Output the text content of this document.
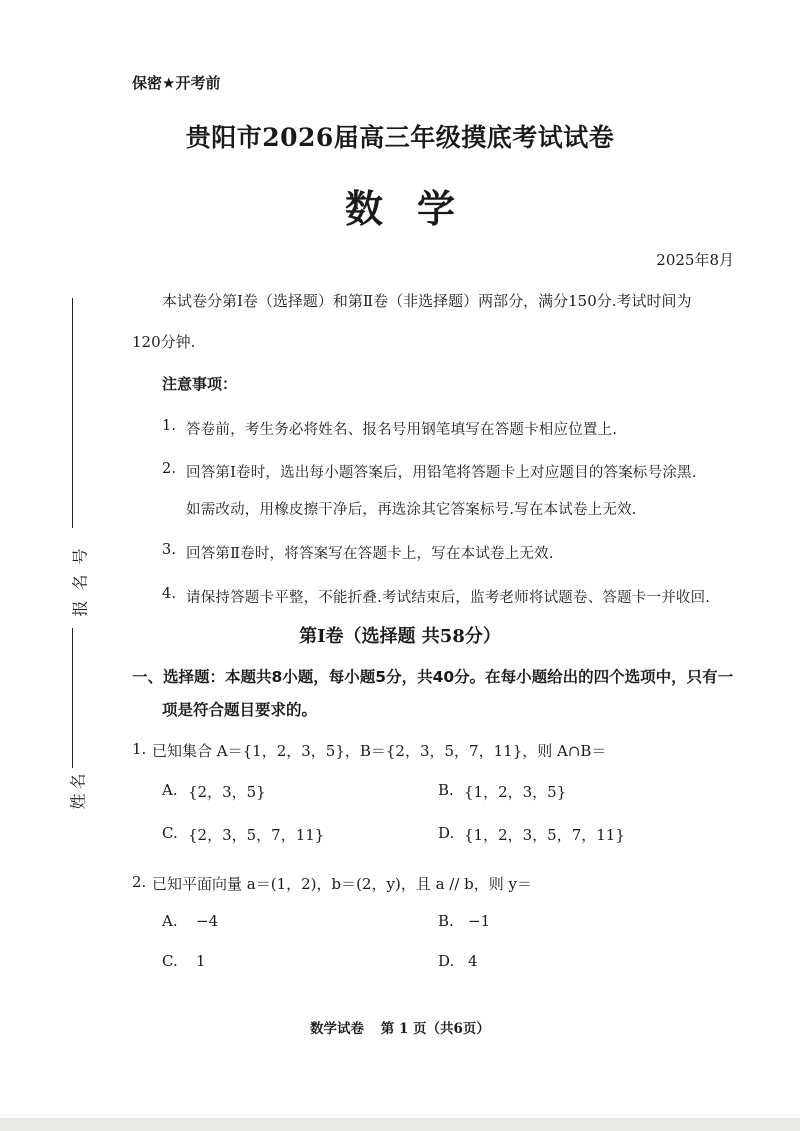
报名号
姓名
保密★开考前
贵阳市2026届高三年级摸底考试试卷
数学
2025年8月
本试卷分第Ⅰ卷（选择题）和第Ⅱ卷（非选择题）两部分，满分150分.考试时间为
120分钟.
注意事项：
1. 答卷前，考生务必将姓名、报名号用钢笔填写在答题卡相应位置上.
2. 回答第Ⅰ卷时，选出每小题答案后，用铅笔将答题卡上对应题目的答案标号涂黑.
如需改动，用橡皮擦干净后，再选涂其它答案标号.写在本试卷上无效.
3. 回答第Ⅱ卷时，将答案写在答题卡上，写在本试卷上无效.
4. 请保持答题卡平整，不能折叠.考试结束后，监考老师将试题卷、答题卡一并收回.
第Ⅰ卷（选择题 共58分）
一、选择题：本题共8小题，每小题5分，共40分。在每小题给出的四个选项中，只有一
项是符合题目要求的。
1. 已知集合 A＝{1，2，3，5}，B＝{2，3，5，7，11}，则 A∩B＝
A. {2，3，5}	B. {1，2，3，5}
C. {2，3，5，7，11}	D. {1，2，3，5，7，11}
2. 已知平面向量 a＝(1，2)，b＝(2，y)，且 a // b，则 y＝
A. −4	B. −1
C. 1	D. 4
数学试卷 第 1 页（共6页）
